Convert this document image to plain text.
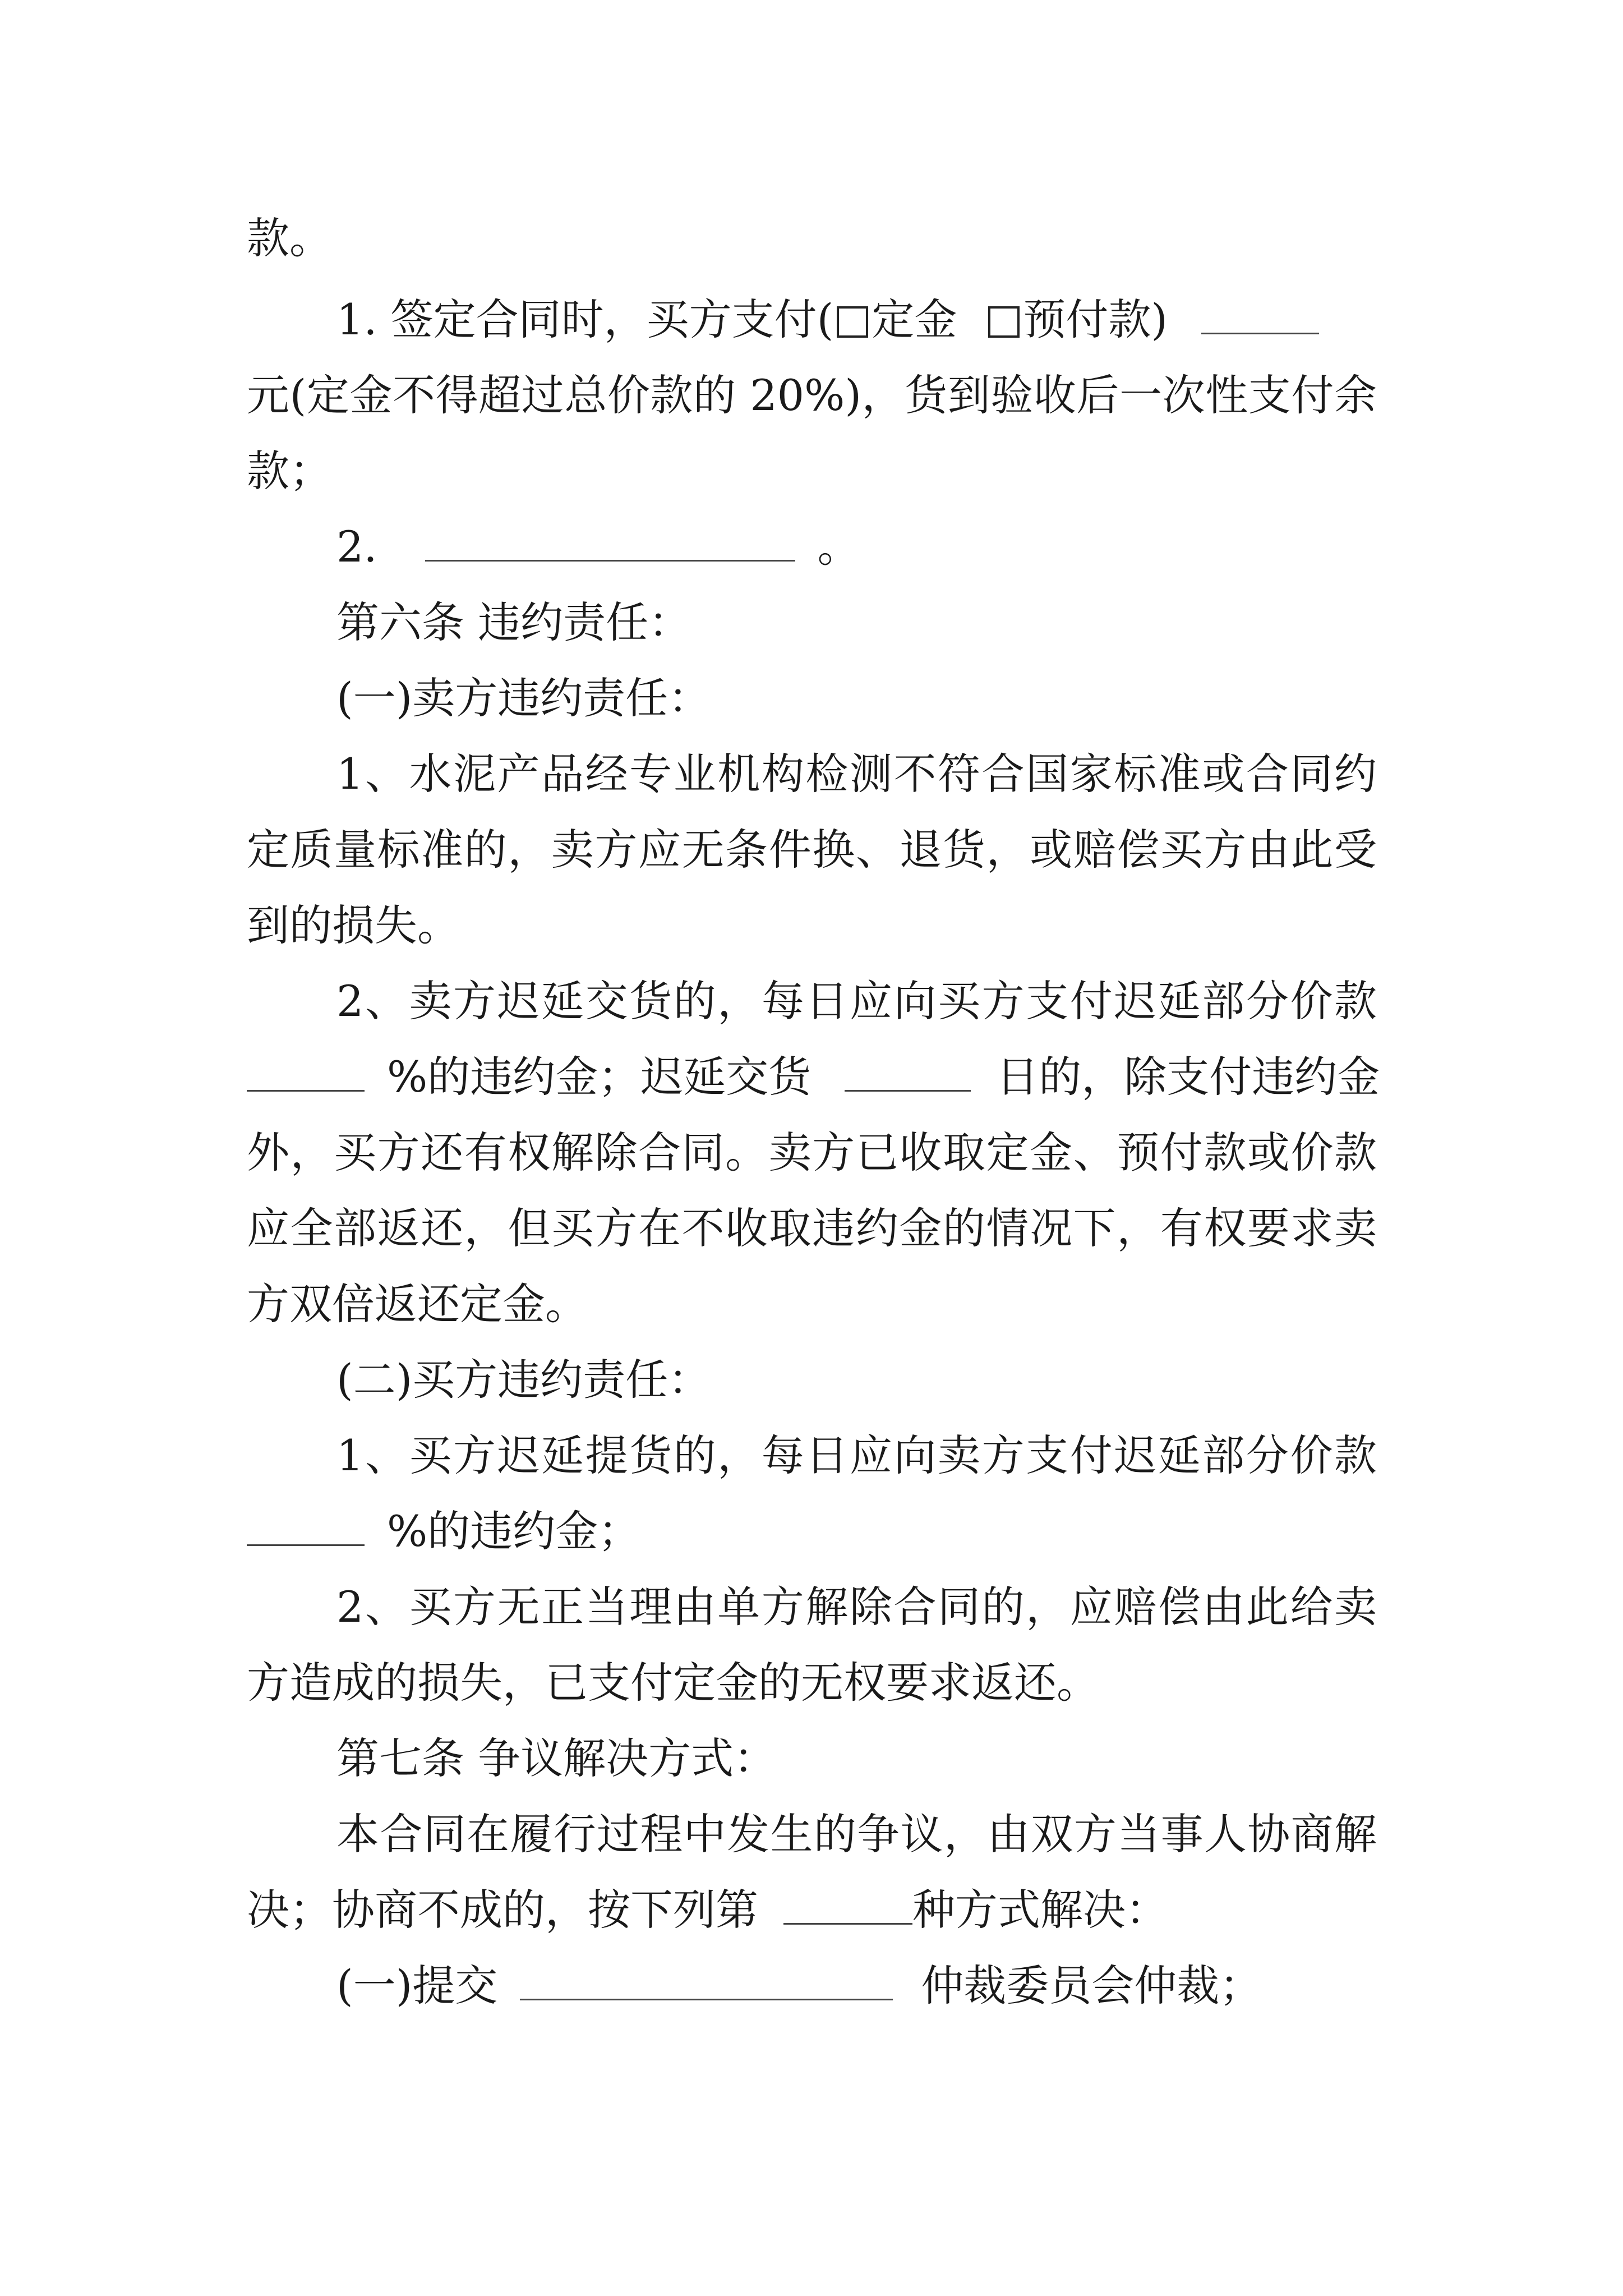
款。
1. 签定合同时，买方支付( 定金 预付款)
元(定金不得超过总价款的 20%)，货到验收后一次性支付余
款；
2.	。
第六条 违约责任：
(一)卖方违约责任：
1、水泥产品经专业机构检测不符合国家标准或合同约
定质量标准的，卖方应无条件换、退货，或赔偿买方由此受
到的损失。
2、卖方迟延交货的，每日应向买方支付迟延部分价款
%的违约金；迟延交货	日的，除支付违约金
外，买方还有权解除合同。卖方已收取定金、预付款或价款
应全部返还，但买方在不收取违约金的情况下，有权要求卖
方双倍返还定金。
(二)买方违约责任：
1、买方迟延提货的，每日应向卖方支付迟延部分价款
%的违约金；
2、买方无正当理由单方解除合同的，应赔偿由此给卖
方造成的损失，已支付定金的无权要求返还。
第七条 争议解决方式：
本合同在履行过程中发生的争议，由双方当事人协商解
决；协商不成的，按下列第	种方式解决：
(一)提交	仲裁委员会仲裁；
